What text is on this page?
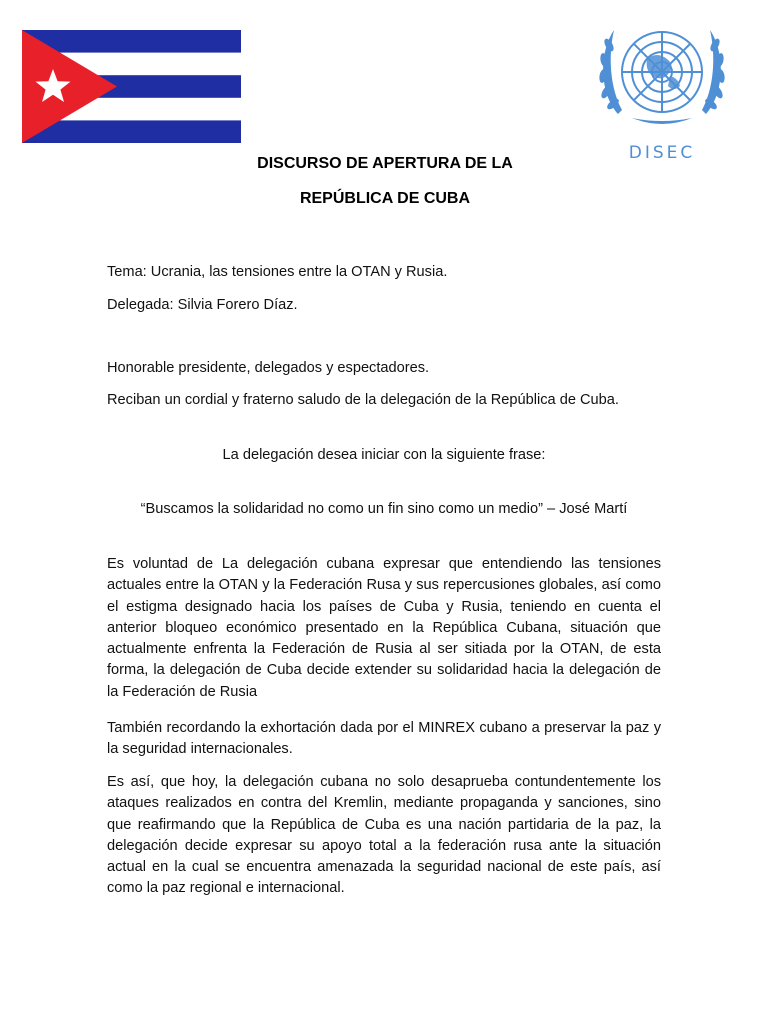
DISEC
DISCURSO DE APERTURA DE LA
REPÚBLICA DE CUBA
Tema: Ucrania, las tensiones entre la OTAN y Rusia.
Delegada: Silvia Forero Díaz.
Honorable presidente, delegados y espectadores.
Reciban un cordial y fraterno saludo de la delegación de la República de Cuba.
La delegación desea iniciar con la siguiente frase:
“Buscamos la solidaridad no como un fin sino como un medio” – José Martí
Es voluntad de La delegación cubana expresar que entendiendo las tensiones actuales entre la OTAN y la Federación Rusa y sus repercusiones globales, así como el estigma designado hacia los países de Cuba y Rusia, teniendo en cuenta el anterior bloqueo económico presentado en la República Cubana, situación que actualmente enfrenta la Federación de Rusia al ser sitiada por la OTAN, de esta forma, la delegación de Cuba decide extender su solidaridad hacia la delegación de la Federación de Rusia
También recordando la exhortación dada por el MINREX cubano a preservar la paz y la seguridad internacionales.
Es así, que hoy, la delegación cubana no solo desaprueba contundentemente los ataques realizados en contra del Kremlin, mediante propaganda y sanciones, sino que reafirmando que la República de Cuba es una nación partidaria de la paz, la delegación decide expresar su apoyo total a la federación rusa ante la situación actual en la cual se encuentra amenazada la seguridad nacional de este país, así como la paz regional e internacional.
